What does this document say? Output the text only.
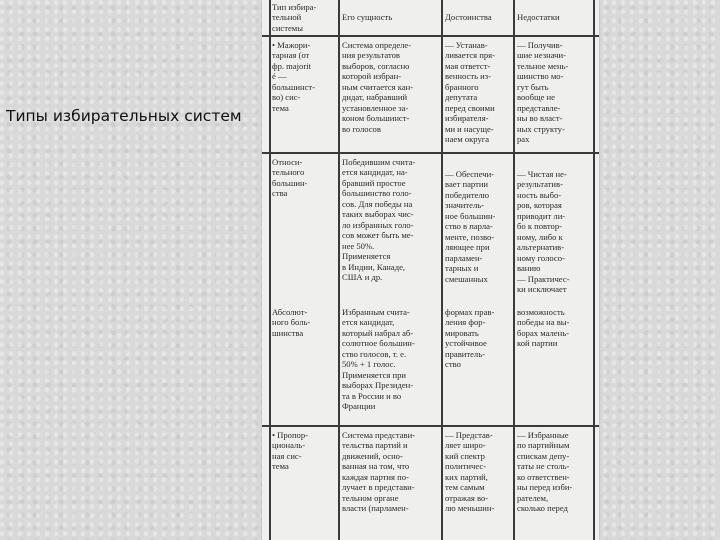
Типы избирательных систем
Тип избира-
тельной
системы
Его сущность	Достоинства	Недостатки
• Мажори-
тарная (от
фр. majorit
é —
большинст-
во) сис-
тема
Система определе-
ния результатов
выборов, согласно
которой избран-
ным считается кан-
дидат, набравший
установленное за-
коном большинст-
во голосов
— Устанав-
ливается пря-
мая ответст-
венность из-
бранного
депутата
перед своими
избирателя-
ми и насуще-
наем округа
— Получив-
шие незначи-
тельное мень-
шинство мо-
гут быть
вообще не
представле-
ны во власт-
ных структу-
рах
Относи-
тельного
большин-
ства
Победившим счита-
ется кандидат, на-
бравший простое
большинство голо-
сов. Для победы на
таких выборах чис-
ло избранных голо-
сов может быть ме-
нее 50%.
Применяется
в Индии, Канаде,
США и др.
— Обеспечи-
вает партии
победителю
значитель-
ное большин-
ство в парла-
менте, позво-
ляющее при
парламен-
тарных и
смешанных
— Чистая не-
результатив-
ность выбо-
ров, которая
приводит ли-
бо к повтор-
ному, либо к
альтернатив-
ному голосо-
ванию
— Практичес-
ки исключает
Абсолют-
ного боль-
шинства
Избранным счита-
ется кандидат,
который набрал аб-
солютное большин-
ство голосов, т. е.
50% + 1 голос.
Применяется при
выборах Президен-
та в России и во
Франции
формах прав-
ления фор-
мировать
устойчивое
правитель-
ство
возможность
победы на вы-
борах малень-
кой партии
• Пропор-
циональ-
ная сис-
тема
Система представи-
тельства партий и
движений, осно-
ванная на том, что
каждая партия по-
лучает в представи-
тельном органе
власти (парламен-
— Представ-
ляет широ-
кий спектр
политичес-
ких партий,
тем самым
отражая во-
лю меньшин-
— Избранные
по партийным
спискам депу-
таты не столь-
ко ответствен-
ны перед изби-
рателем,
сколько перед
